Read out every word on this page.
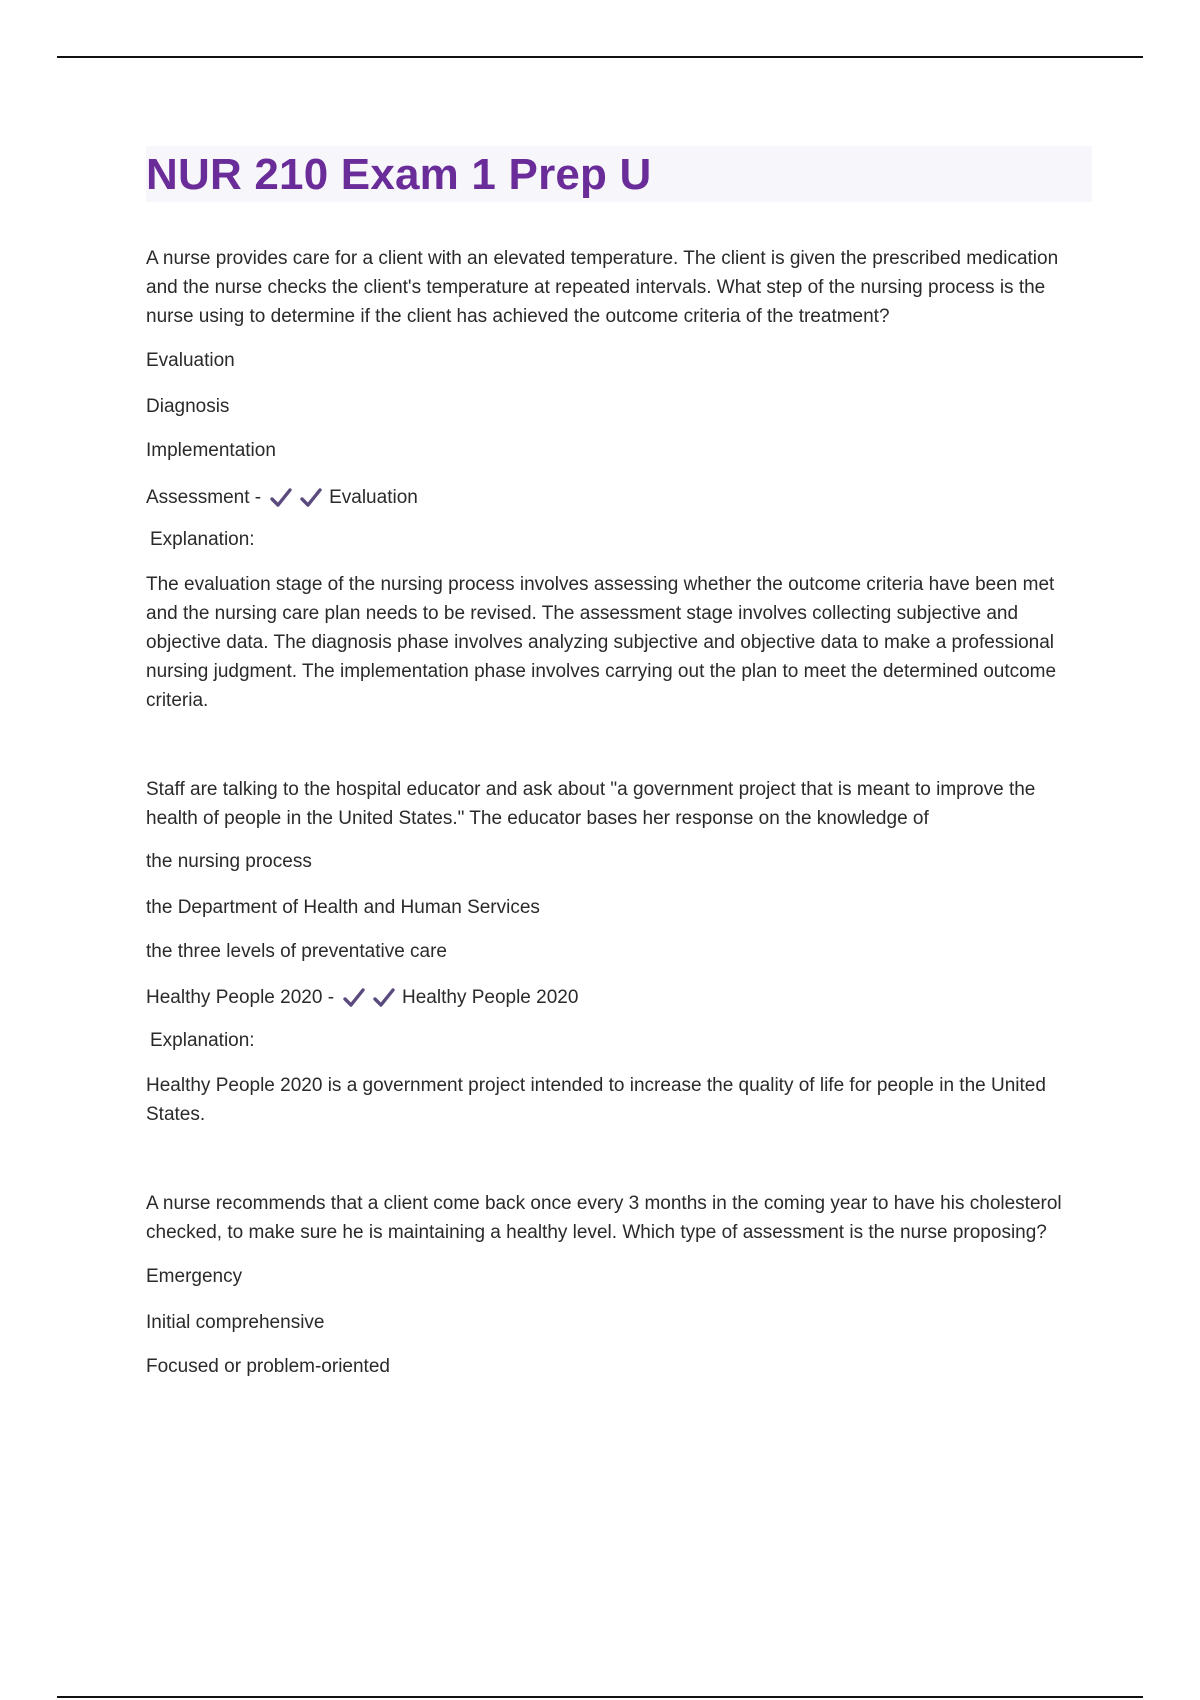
NUR 210 Exam 1 Prep U

A nurse provides care for a client with an elevated temperature. The client is given the prescribed medication and the nurse checks the client's temperature at repeated intervals. What step of the nursing process is the nurse using to determine if the client has achieved the outcome criteria of the treatment?

Evaluation

Diagnosis

Implementation

Assessment -	Evaluation

Explanation:

The evaluation stage of the nursing process involves assessing whether the outcome criteria have been met and the nursing care plan needs to be revised. The assessment stage involves collecting subjective and objective data. The diagnosis phase involves analyzing subjective and objective data to make a professional nursing judgment. The implementation phase involves carrying out the plan to meet the determined outcome criteria.

Staff are talking to the hospital educator and ask about "a government project that is meant to improve the health of people in the United States." The educator bases her response on the knowledge of

the nursing process

the Department of Health and Human Services

the three levels of preventative care

Healthy People 2020 -	Healthy People 2020

Explanation:

Healthy People 2020 is a government project intended to increase the quality of life for people in the United States.

A nurse recommends that a client come back once every 3 months in the coming year to have his cholesterol checked, to make sure he is maintaining a healthy level. Which type of assessment is the nurse proposing?

Emergency

Initial comprehensive

Focused or problem-oriented
